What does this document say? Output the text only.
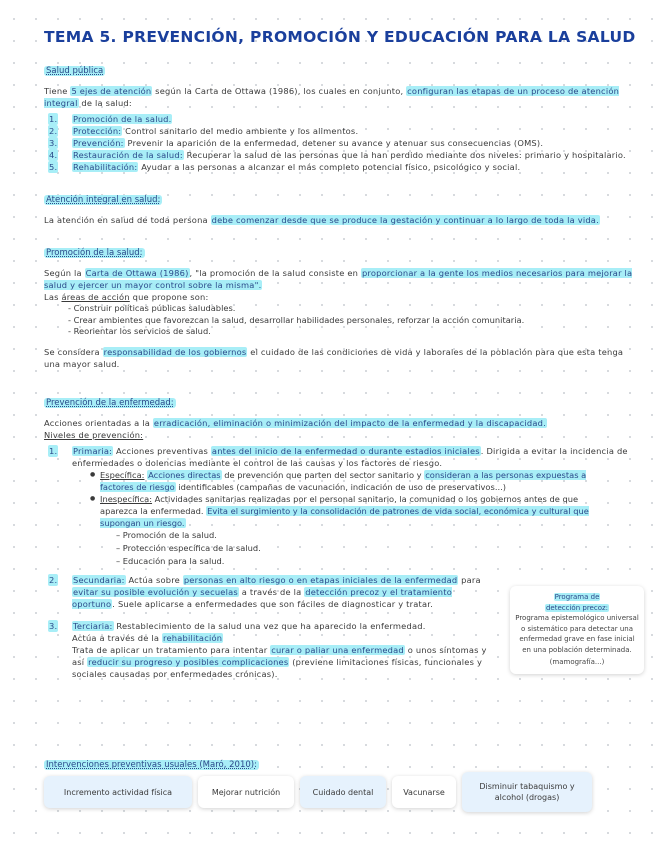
TEMA 5. PREVENCIÓN, PROMOCIÓN Y EDUCACIÓN PARA LA SALUD
Salud pública

Tiene 5 ejes de atención según la Carta de Ottawa (1986), los cuales en conjunto, configuran las etapas de un proceso de atención integral de la salud:

1. Promoción de la salud.
2. Protección: Control sanitario del medio ambiente y los alimentos.
3. Prevención: Prevenir la aparición de la enfermedad, detener su avance y atenuar sus consecuencias (OMS).
4. Restauración de la salud: Recuperar la salud de las personas que la han perdido mediante dos niveles: primario y hospitalario.
5. Rehabilitación: Ayudar a las personas a alcanzar el más completo potencial físico, psicológico y social.
Atención integral en salud:

La atención en salud de toda persona debe comenzar desde que se produce la gestación y continuar a lo largo de toda la vida.

Promoción de la salud:

Según la Carta de Ottawa (1986), "la promoción de la salud consiste en proporcionar a la gente los medios necesarios para mejorar la salud y ejercer un mayor control sobre la misma".

Las áreas de acción que propone son:

- Construir políticas públicas saludables.
- Crear ambientes que favorezcan la salud, desarrollar habilidades personales, reforzar la acción comunitaria.
- Reorientar los servicios de salud.

Se considera responsabilidad de los gobiernos el cuidado de las condiciones de vida y laborales de la población para que esta tenga una mayor salud.

Prevención de la enfermedad:

Acciones orientadas a la erradicación, eliminación o minimización del impacto de la enfermedad y la discapacidad.

Niveles de prevención:

1. Primaria: Acciones preventivas antes del inicio de la enfermedad o durante estadios iniciales. Dirigida a evitar la incidencia de enfermedades o dolencias mediante el control de las causas y los factores de riesgo.
● Específica: Acciones directas de prevención que parten del sector sanitario y consideran a las personas expuestas a factores de riesgo identificables (campañas de vacunación, indicación de uso de preservativos...)
● Inespecífica: Actividades sanitarias realizadas por el personal sanitario, la comunidad o los gobiernos antes de que aparezca la enfermedad. Evita el surgimiento y la consolidación de patrones de vida social, económica y cultural que supongan un riesgo.
– Promoción de la salud.
– Protección específica de la salud.
– Educación para la salud.
2. Secundaria: Actúa sobre personas en alto riesgo o en etapas iniciales de la enfermedad para evitar su posible evolución y secuelas a través de la detección precoz y el tratamiento oportuno. Suele aplicarse a enfermedades que son fáciles de diagnosticar y tratar.
3. Terciaria: Restablecimiento de la salud una vez que ha aparecido la enfermedad.
Actúa a través de la rehabilitación
Trata de aplicar un tratamiento para intentar curar o paliar una enfermedad o unos síntomas y así reducir su progreso y posibles complicaciones (previene limitaciones físicas, funcionales y sociales causadas por enfermedades crónicas).
Programa de
detección precoz:
Programa epistemológico universal o sistemático para detectar una enfermedad grave en fase inicial en una población determinada.
(mamografía...)
Intervenciones preventivas usuales (Maró, 2010):
Incremento actividad física	Mejorar nutrición	Cuidado dental	Vacunarse
Disminuir tabaquismo y alcohol (drogas)
